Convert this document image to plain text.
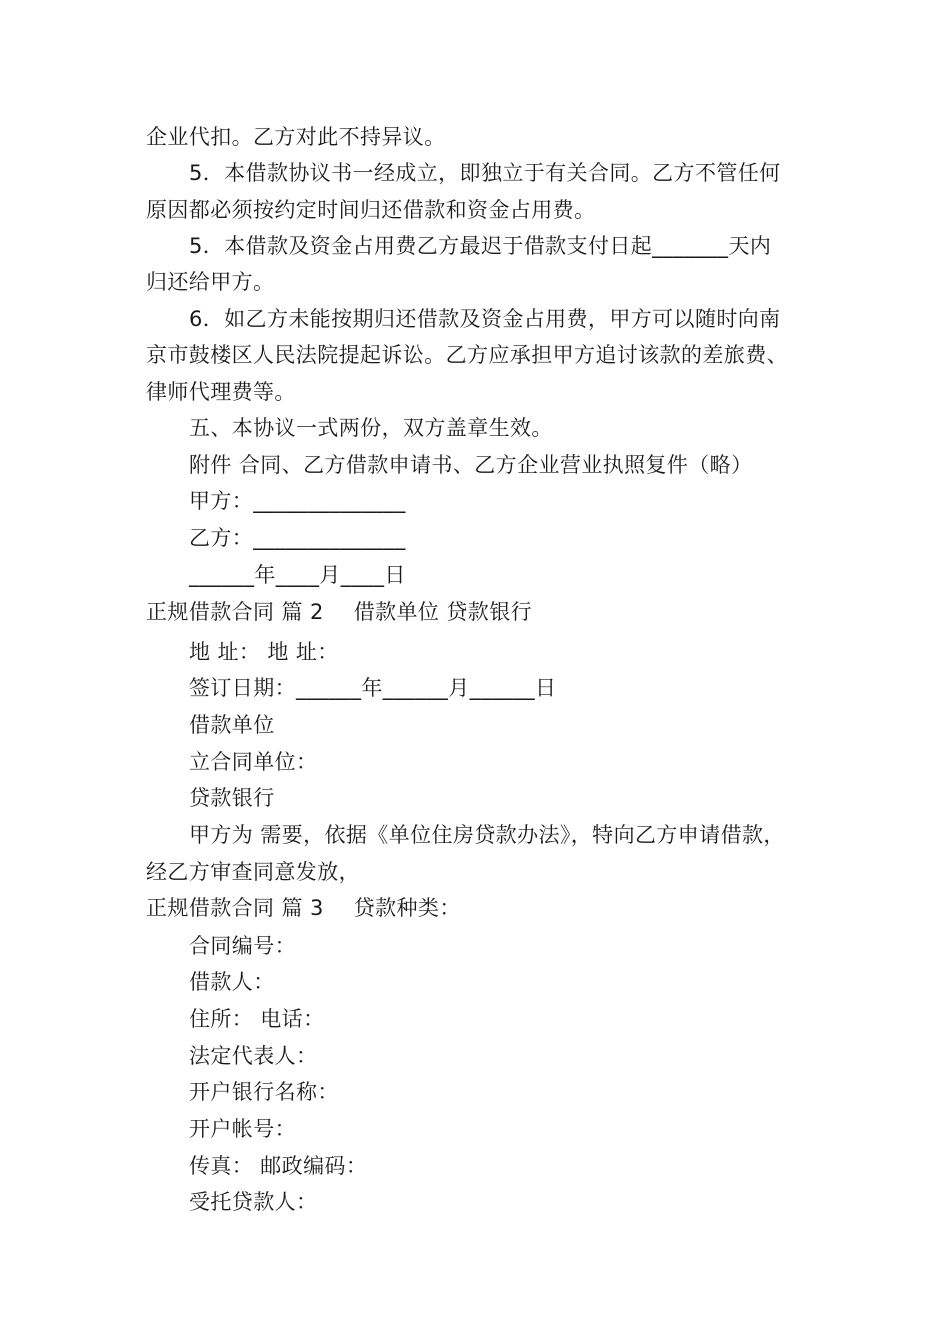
企业代扣。乙方对此不持异议。
5．本借款协议书一经成立，即独立于有关合同。乙方不管任何
原因都必须按约定时间归还借款和资金占用费。
5．本借款及资金占用费乙方最迟于借款支付日起_______天内
归还给甲方。
6．如乙方未能按期归还借款及资金占用费，甲方可以随时向南
京市鼓楼区人民法院提起诉讼。乙方应承担甲方追讨该款的差旅费、
律师代理费等。
五、本协议一式两份，双方盖章生效。
附件 合同、乙方借款申请书、乙方企业营业执照复件（略）
甲方：______________
乙方：______________
______年____月____日
正规借款合同 篇 2 借款单位 贷款银行
地 址： 地 址：
签订日期：______年______月______日
借款单位
立合同单位：
贷款银行
甲方为 需要，依据《单位住房贷款办法》，特向乙方申请借款，
经乙方审查同意发放，
正规借款合同 篇 3 贷款种类：
合同编号：
借款人：
住所： 电话：
法定代表人：
开户银行名称：
开户帐号：
传真： 邮政编码：
受托贷款人：
